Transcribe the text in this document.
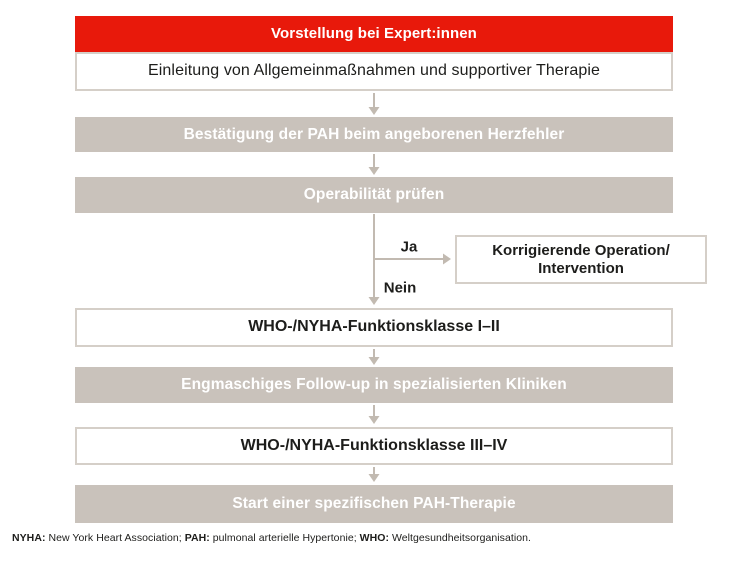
Vorstellung bei Expert:innen
Einleitung von Allgemeinmaßnahmen und supportiver Therapie
Bestätigung der PAH beim angeborenen Herzfehler
Operabilität prüfen
Ja
Nein
Korrigierende Operation/
Intervention
WHO-/NYHA-Funktionsklasse I–II
Engmaschiges Follow-up in spezialisierten Kliniken
WHO-/NYHA-Funktionsklasse III–IV
Start einer spezifischen PAH-Therapie
NYHA: New York Heart Association; PAH: pulmonal arterielle Hypertonie; WHO: Weltgesundheitsorganisation.
